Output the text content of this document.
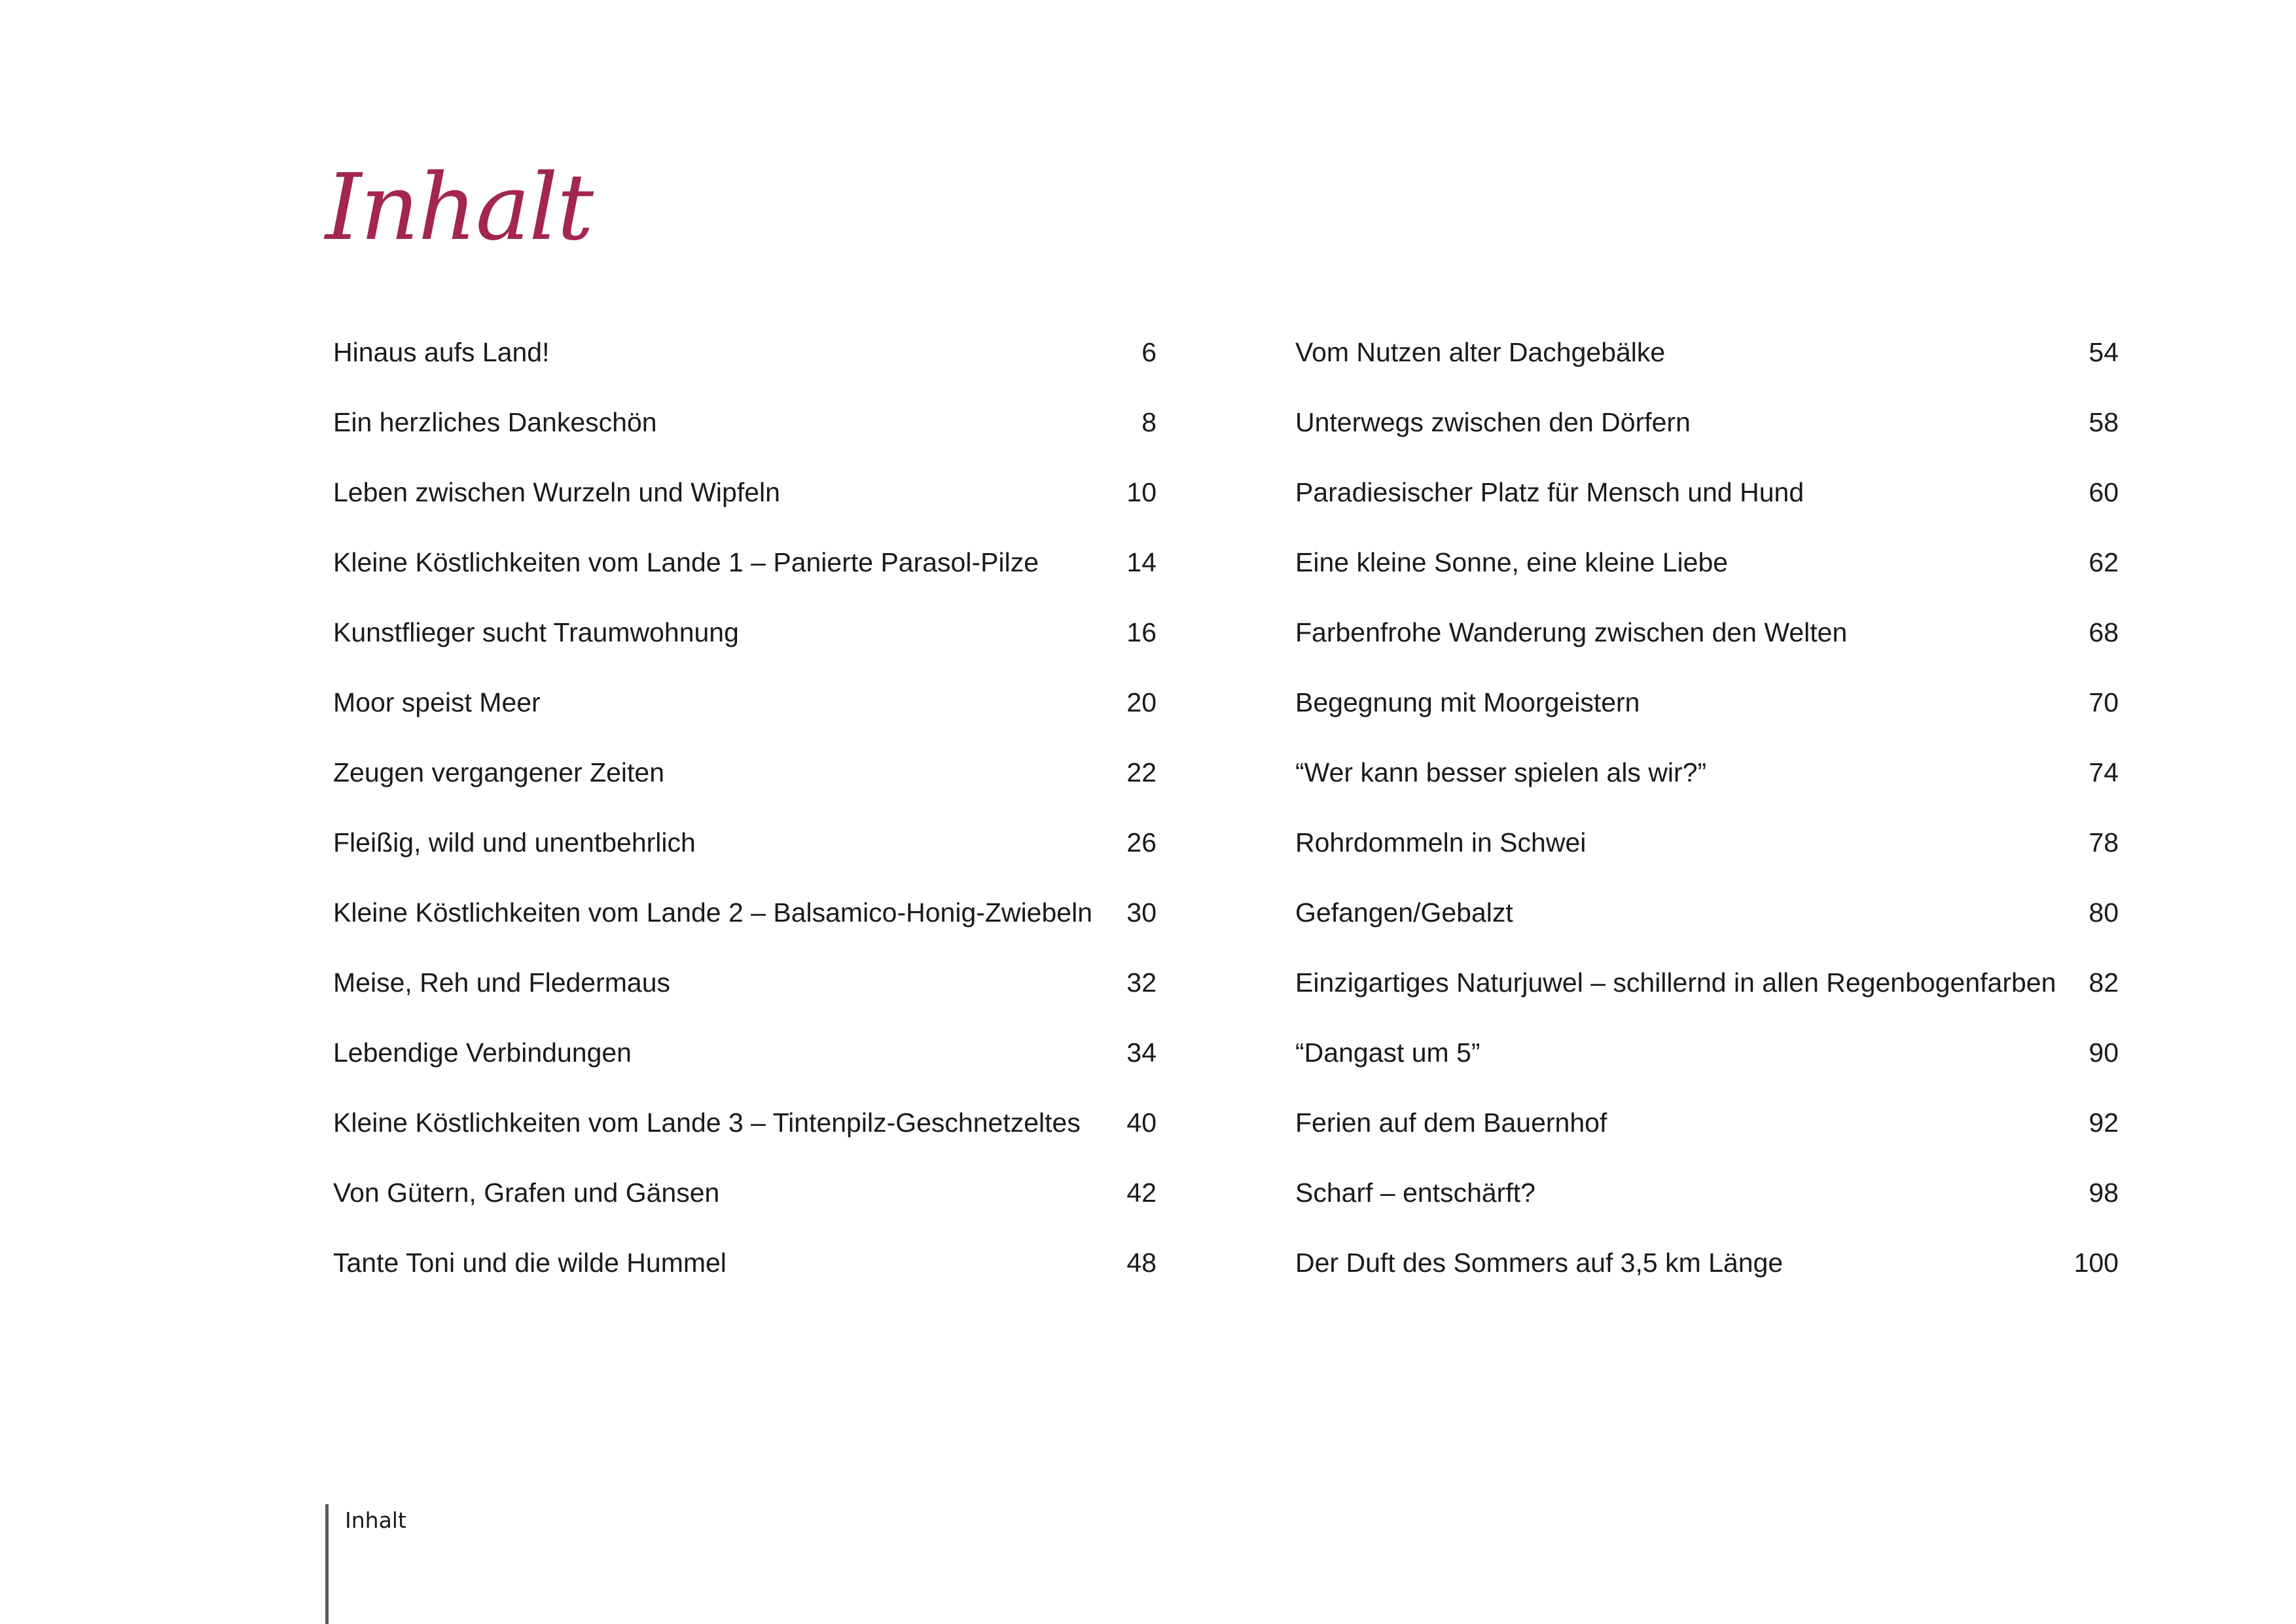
Inhalt
Hinaus aufs Land!	6
Ein herzliches Dankeschön	8
Leben zwischen Wurzeln und Wipfeln	10
Kleine Köstlichkeiten vom Lande 1 – Panierte Parasol-Pilze	14
Kunstflieger sucht Traumwohnung	16
Moor speist Meer	20
Zeugen vergangener Zeiten	22
Fleißig, wild und unentbehrlich	26
Kleine Köstlichkeiten vom Lande 2 – Balsamico-Honig-Zwiebeln	30
Meise, Reh und Fledermaus	32
Lebendige Verbindungen	34
Kleine Köstlichkeiten vom Lande 3 – Tintenpilz-Geschnetzeltes	40
Von Gütern, Grafen und Gänsen	42
Tante Toni und die wilde Hummel	48
Vom Nutzen alter Dachgebälke	54
Unterwegs zwischen den Dörfern	58
Paradiesischer Platz für Mensch und Hund	60
Eine kleine Sonne, eine kleine Liebe	62
Farbenfrohe Wanderung zwischen den Welten	68
Begegnung mit Moorgeistern	70
“Wer kann besser spielen als wir?”	74
Rohrdommeln in Schwei	78
Gefangen/Gebalzt	80
Einzigartiges Naturjuwel – schillernd in allen Regenbogenfarben	82
“Dangast um 5”	90
Ferien auf dem Bauernhof	92
Scharf – entschärft?	98
Der Duft des Sommers auf 3,5 km Länge	100
Inhalt
